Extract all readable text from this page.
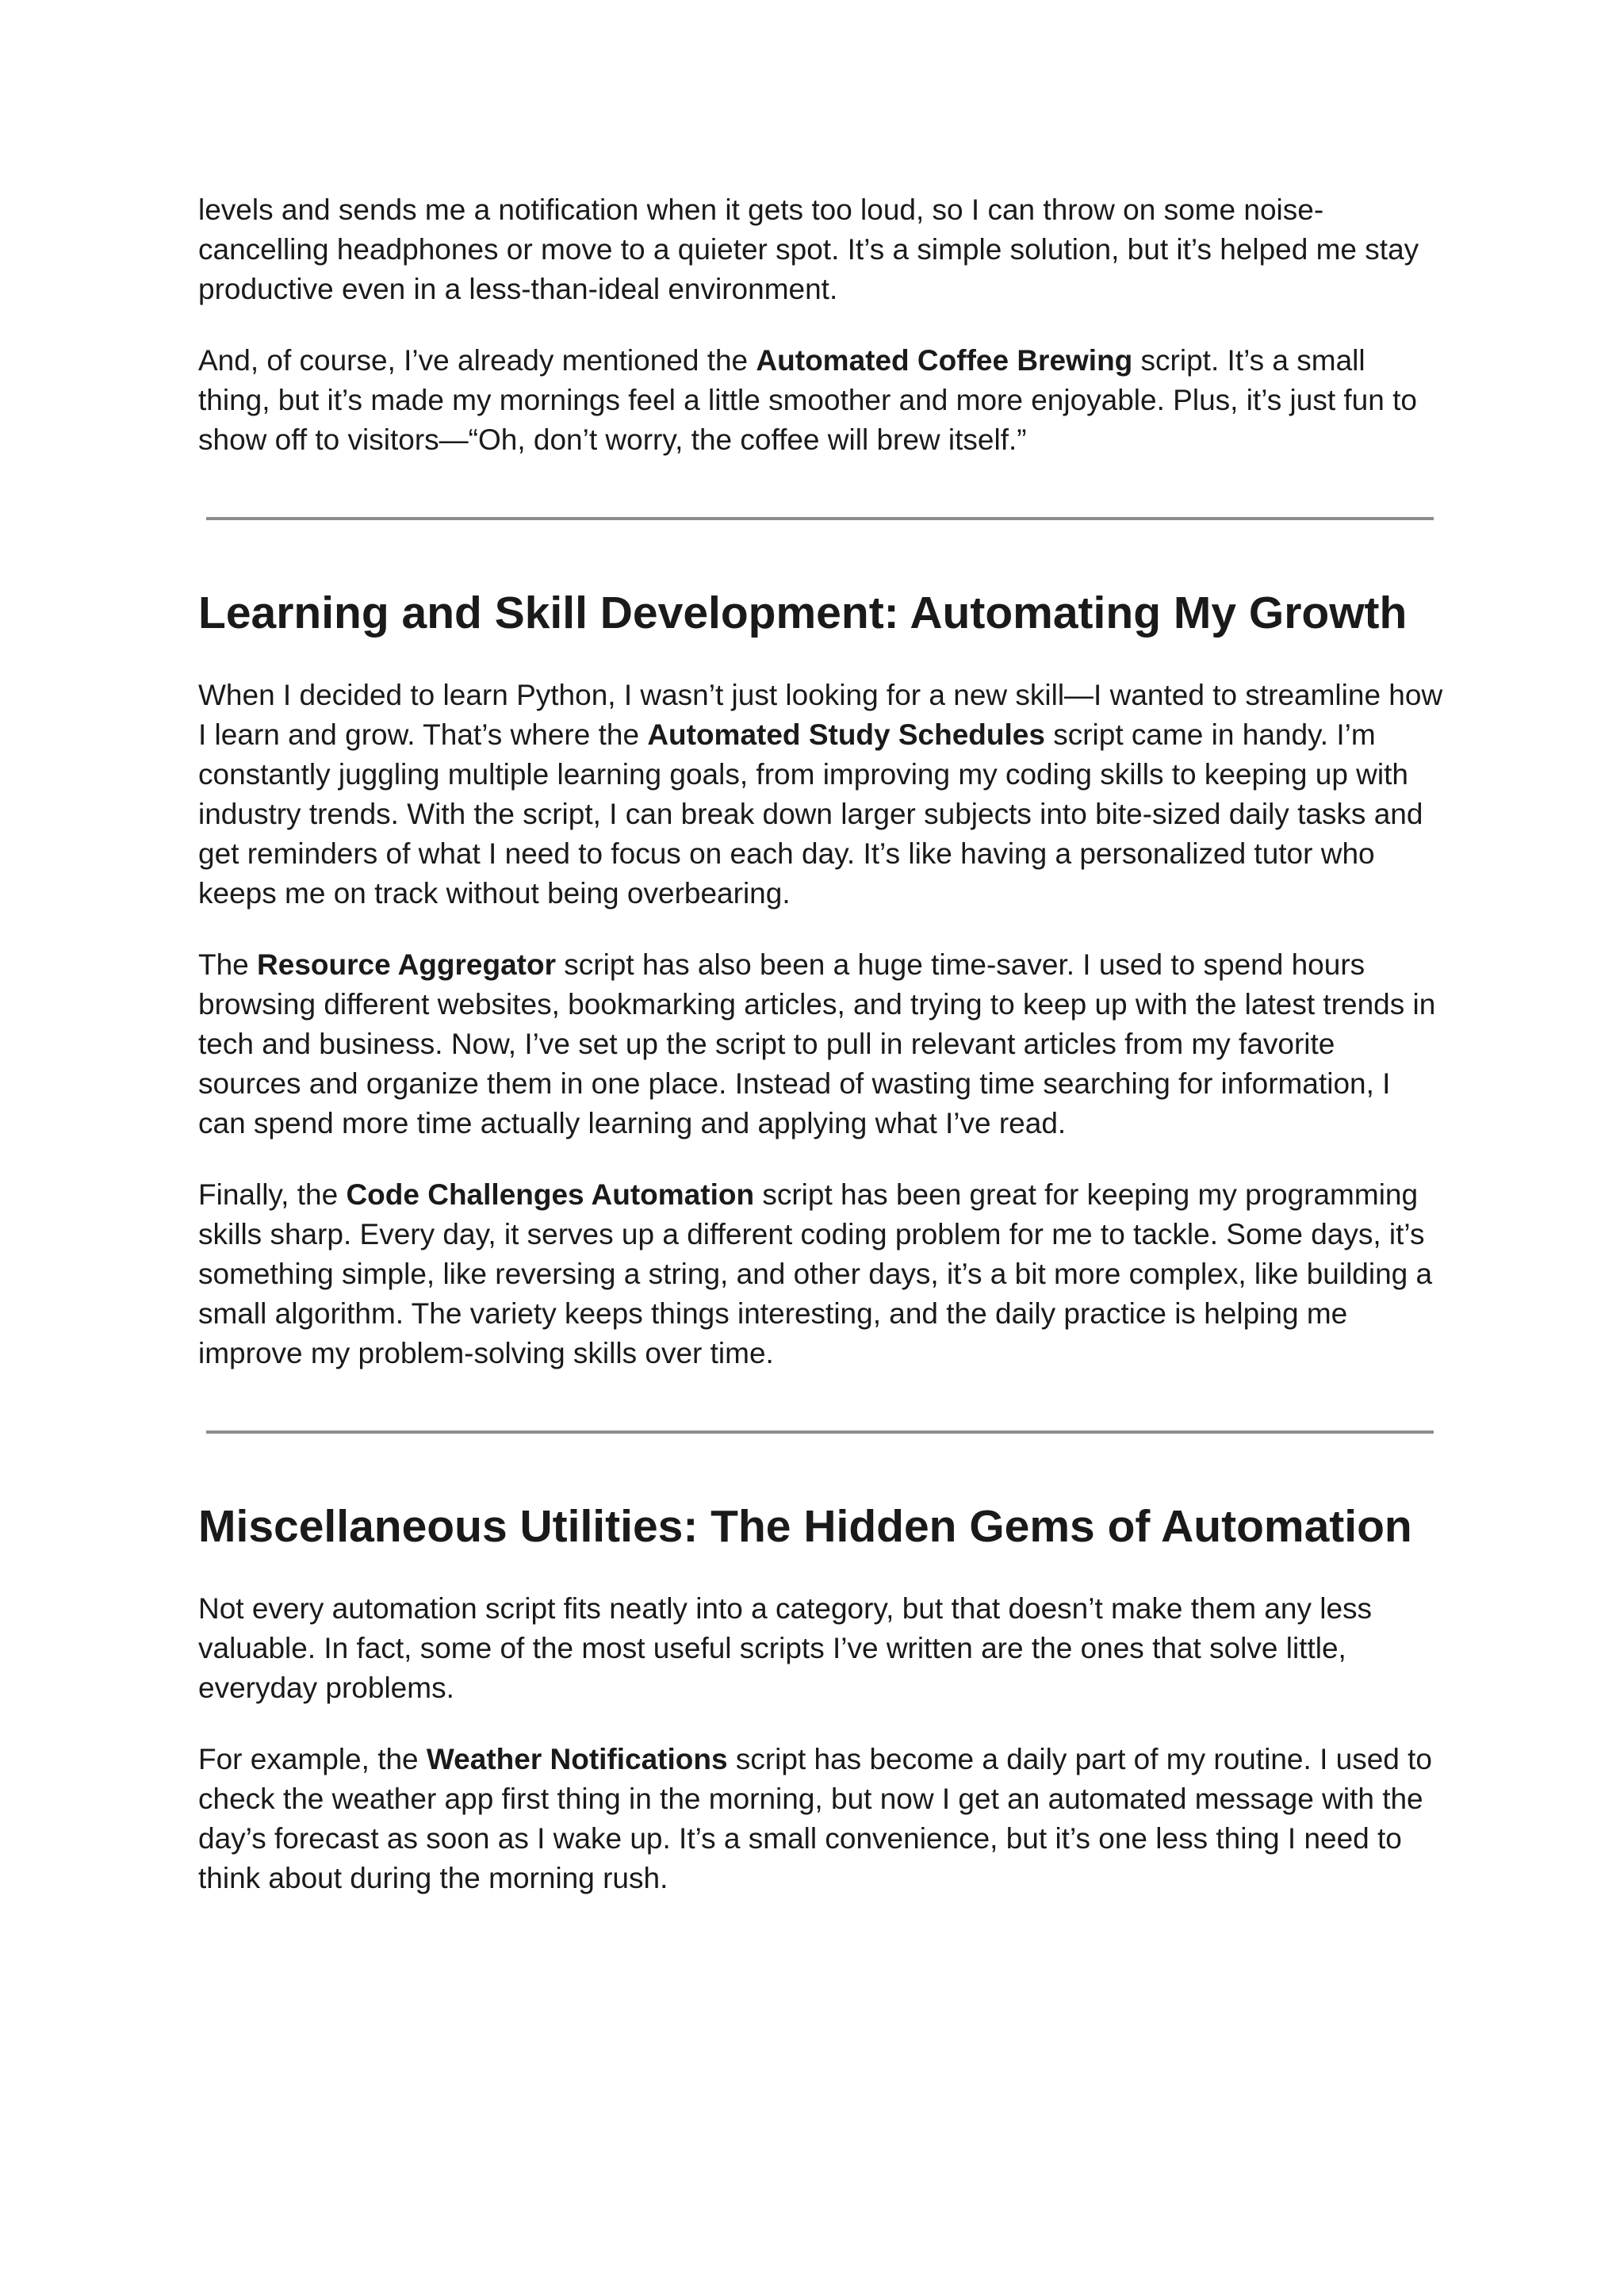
levels and sends me a notification when it gets too loud, so I can throw on some noise-cancelling headphones or move to a quieter spot. It’s a simple solution, but it’s helped me stay productive even in a less-than-ideal environment.

And, of course, I’ve already mentioned the Automated Coffee Brewing script. It’s a small thing, but it’s made my mornings feel a little smoother and more enjoyable. Plus, it’s just fun to show off to visitors—“Oh, don’t worry, the coffee will brew itself.”

Learning and Skill Development: Automating My Growth

When I decided to learn Python, I wasn’t just looking for a new skill—I wanted to streamline how I learn and grow. That’s where the Automated Study Schedules script came in handy. I’m constantly juggling multiple learning goals, from improving my coding skills to keeping up with industry trends. With the script, I can break down larger subjects into bite-sized daily tasks and get reminders of what I need to focus on each day. It’s like having a personalized tutor who keeps me on track without being overbearing.

The Resource Aggregator script has also been a huge time-saver. I used to spend hours browsing different websites, bookmarking articles, and trying to keep up with the latest trends in tech and business. Now, I’ve set up the script to pull in relevant articles from my favorite sources and organize them in one place. Instead of wasting time searching for information, I can spend more time actually learning and applying what I’ve read.

Finally, the Code Challenges Automation script has been great for keeping my programming skills sharp. Every day, it serves up a different coding problem for me to tackle. Some days, it’s something simple, like reversing a string, and other days, it’s a bit more complex, like building a small algorithm. The variety keeps things interesting, and the daily practice is helping me improve my problem-solving skills over time.

Miscellaneous Utilities: The Hidden Gems of Automation

Not every automation script fits neatly into a category, but that doesn’t make them any less valuable. In fact, some of the most useful scripts I’ve written are the ones that solve little, everyday problems.

For example, the Weather Notifications script has become a daily part of my routine. I used to check the weather app first thing in the morning, but now I get an automated message with the day’s forecast as soon as I wake up. It’s a small convenience, but it’s one less thing I need to think about during the morning rush.
